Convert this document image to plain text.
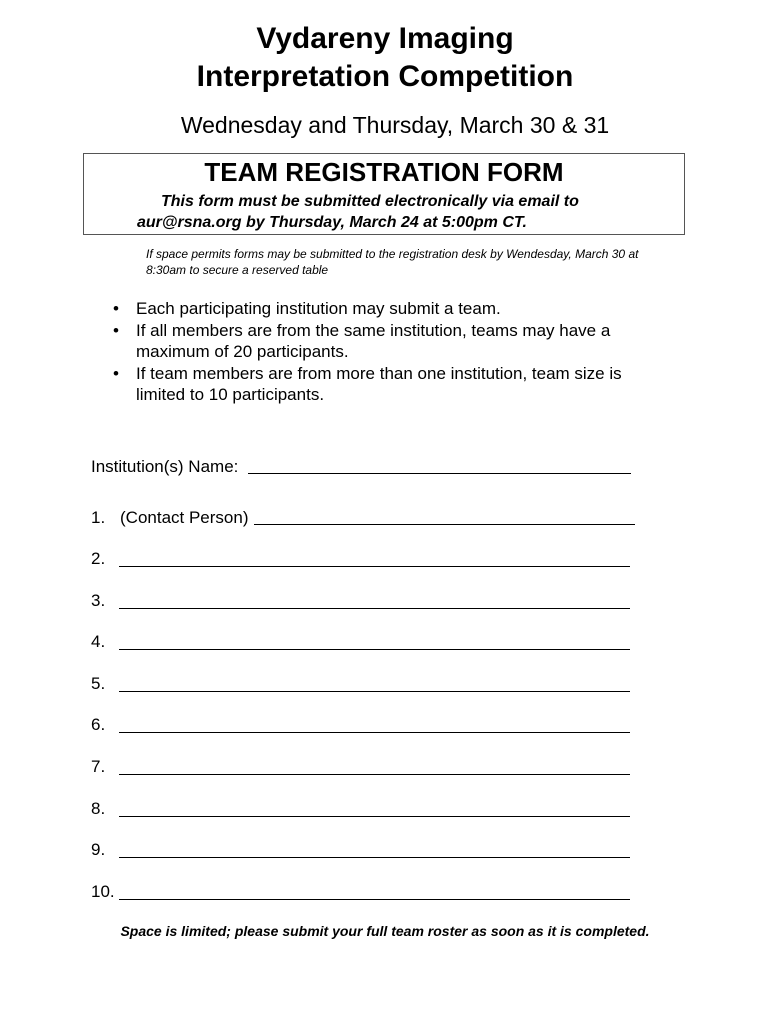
Vydareny Imaging
Interpretation Competition
Wednesday and Thursday, March 30 & 31
TEAM REGISTRATION FORM
This form must be submitted electronically via email to
aur@rsna.org by Thursday, March 24 at 5:00pm CT.
If space permits forms may be submitted to the registration desk by Wendesday, March 30 at 8:30am to secure a reserved table
• Each participating institution may submit a team.
• If all members are from the same institution, teams may have a maximum of 20 participants.
• If team members are from more than one institution, team size is limited to 10 participants.
Institution(s) Name:
1. (Contact Person)
2.
3.
4.
5.
6.
7.
8.
9.
10.
Space is limited; please submit your full team roster as soon as it is completed.
